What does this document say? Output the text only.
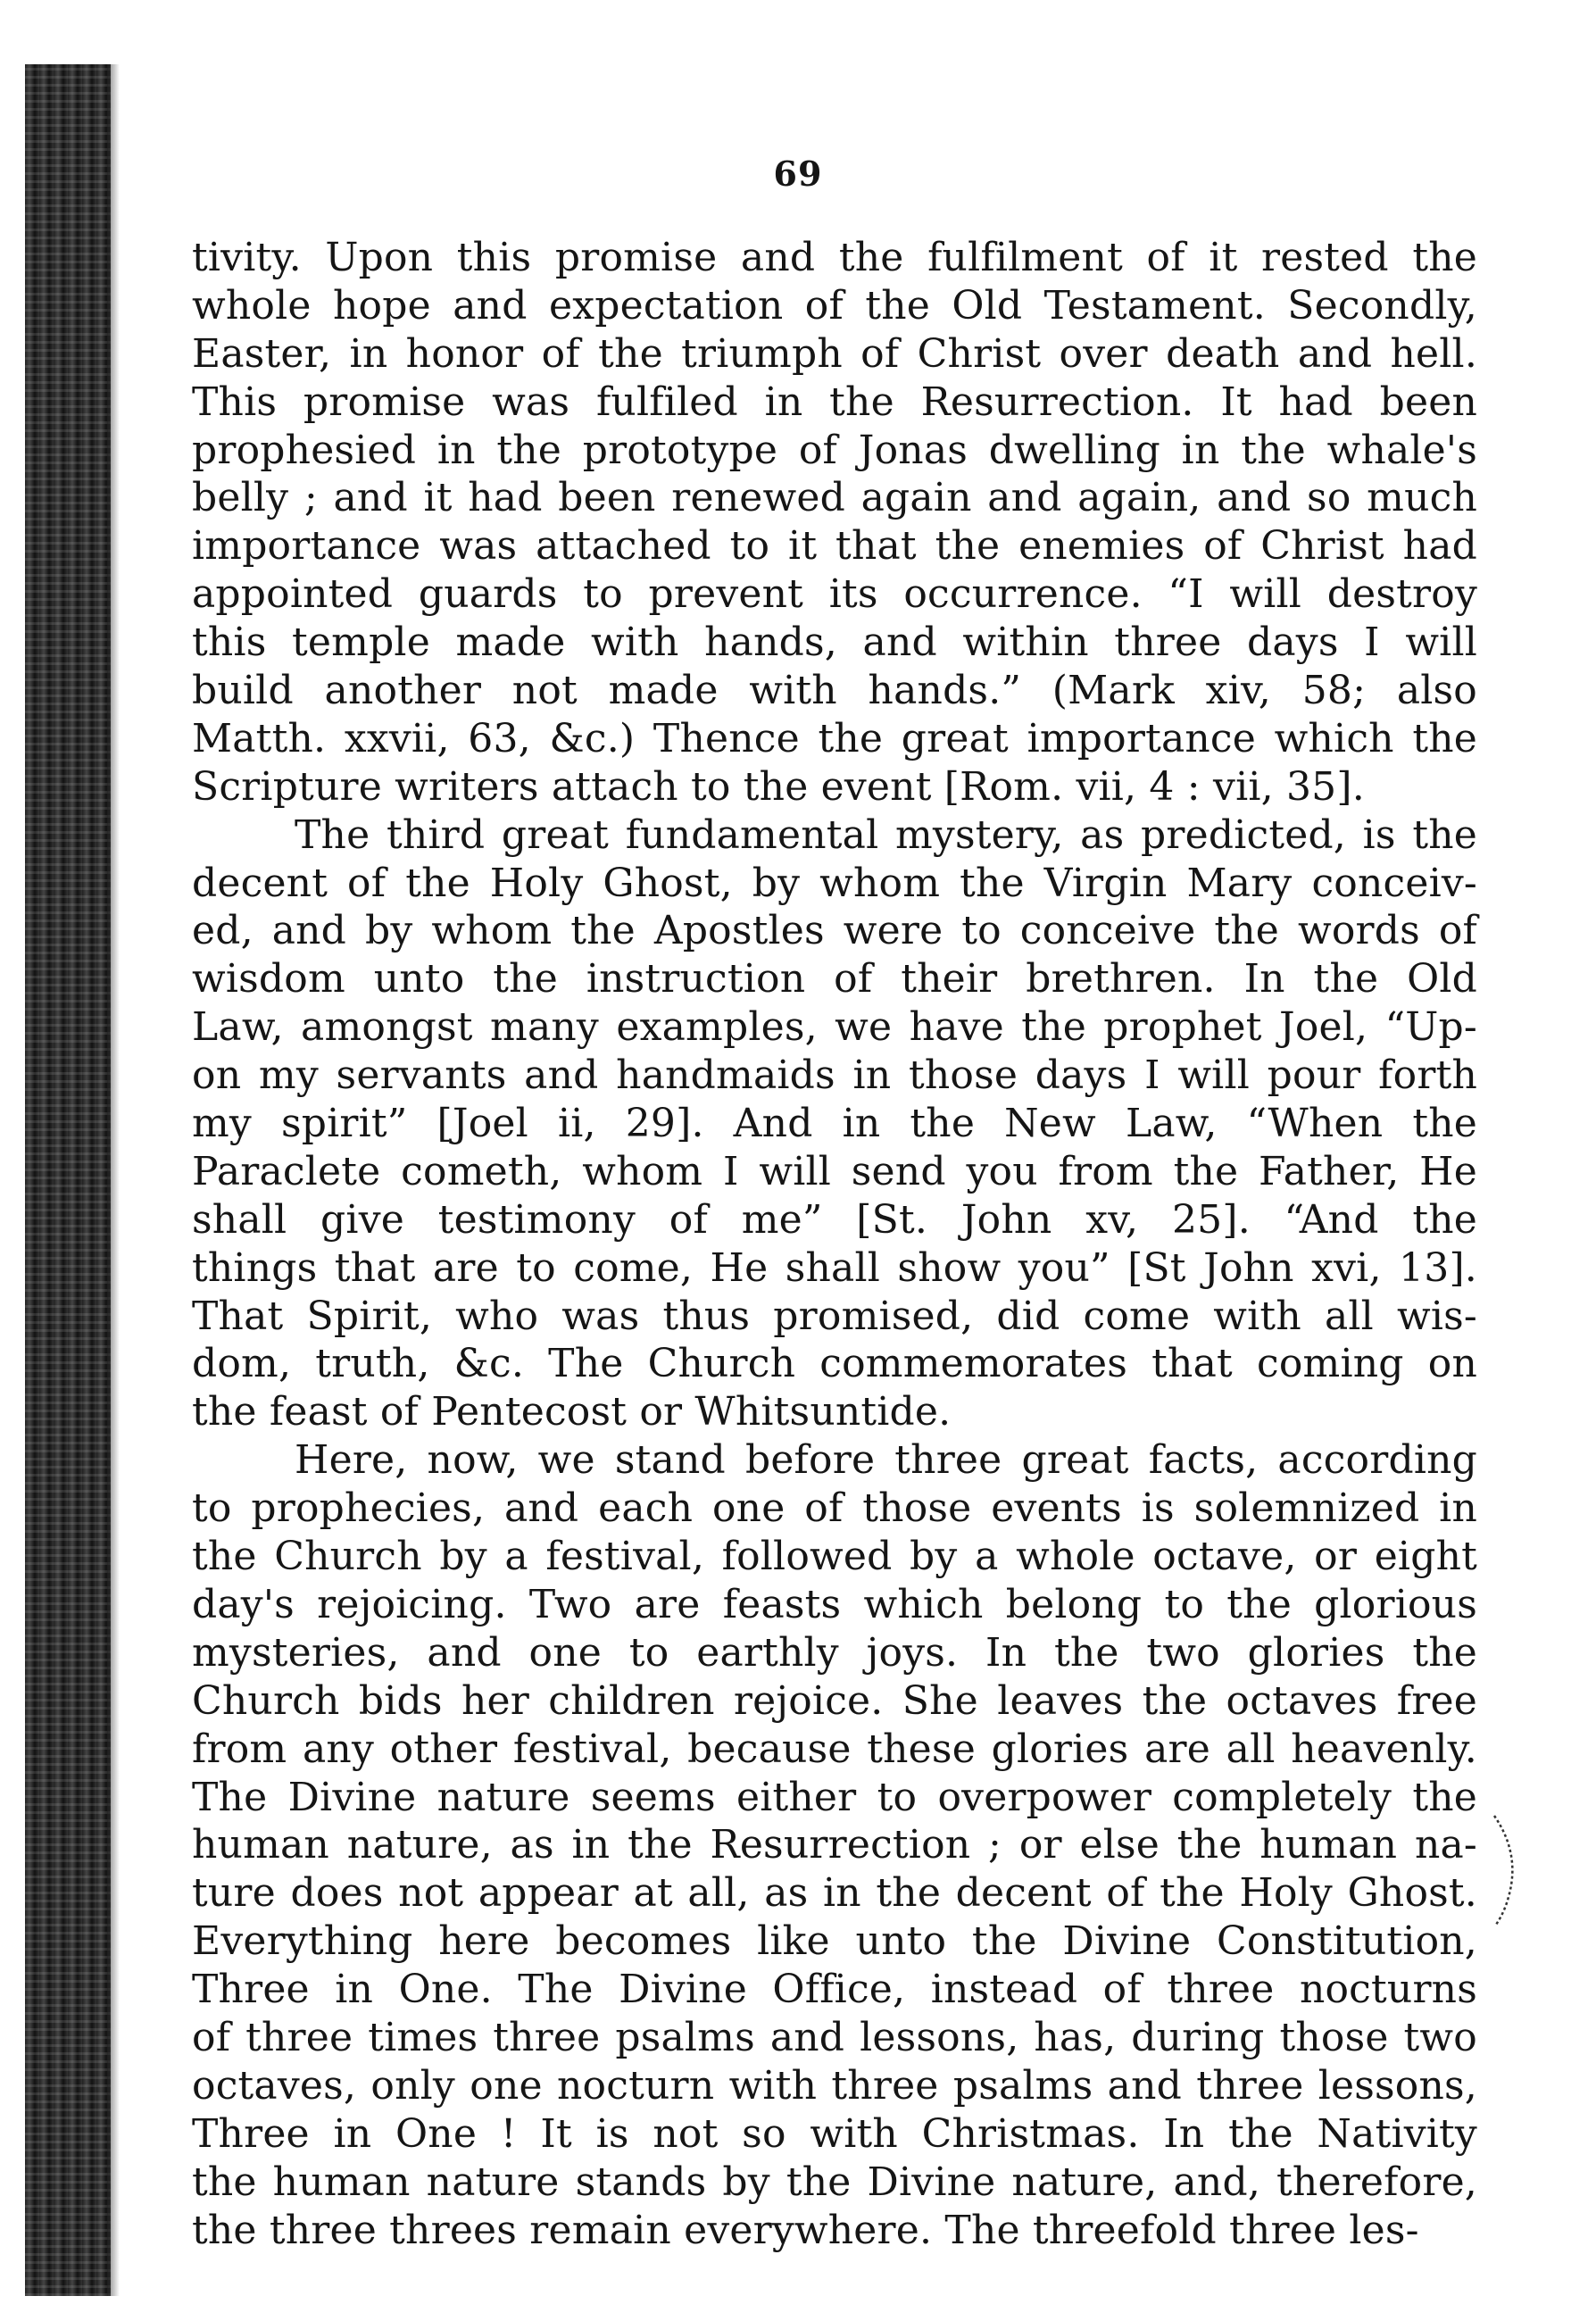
69
tivity. Upon this promise and the fulfilment of it rested the
whole hope and expectation of the Old Testament. Secondly,
Easter, in honor of the triumph of Christ over death and hell.
This promise was fulfiled in the Resurrection. It had been
prophesied in the prototype of Jonas dwelling in the whale's
belly ; and it had been renewed again and again, and so much
importance was attached to it that the enemies of Christ had
appointed guards to prevent its occurrence. “I will destroy
this temple made with hands, and within three days I will
build another not made with hands.” (Mark xiv, 58; also
Matth. xxvii, 63, &c.) Thence the great importance which the
Scripture writers attach to the event [Rom. vii, 4 : vii, 35].
The third great fundamental mystery, as predicted, is the
decent of the Holy Ghost, by whom the Virgin Mary conceiv-
ed, and by whom the Apostles were to conceive the words of
wisdom unto the instruction of their brethren. In the Old
Law, amongst many examples, we have the prophet Joel, “Up-
on my servants and handmaids in those days I will pour forth
my spirit” [Joel ii, 29]. And in the New Law, “When the
Paraclete cometh, whom I will send you from the Father, He
shall give testimony of me” [St. John xv, 25]. “And the
things that are to come, He shall show you” [St John xvi, 13].
That Spirit, who was thus promised, did come with all wis-
dom, truth, &c. The Church commemorates that coming on
the feast of Pentecost or Whitsuntide.
Here, now, we stand before three great facts, according
to prophecies, and each one of those events is solemnized in
the Church by a festival, followed by a whole octave, or eight
day's rejoicing. Two are feasts which belong to the glorious
mysteries, and one to earthly joys. In the two glories the
Church bids her children rejoice. She leaves the octaves free
from any other festival, because these glories are all heavenly.
The Divine nature seems either to overpower completely the
human nature, as in the Resurrection ; or else the human na-
ture does not appear at all, as in the decent of the Holy Ghost.
Everything here becomes like unto the Divine Constitution,
Three in One. The Divine Office, instead of three nocturns
of three times three psalms and lessons, has, during those two
octaves, only one nocturn with three psalms and three lessons,
Three in One ! It is not so with Christmas. In the Nativity
the human nature stands by the Divine nature, and, therefore,
the three threes remain everywhere. The threefold three les-
